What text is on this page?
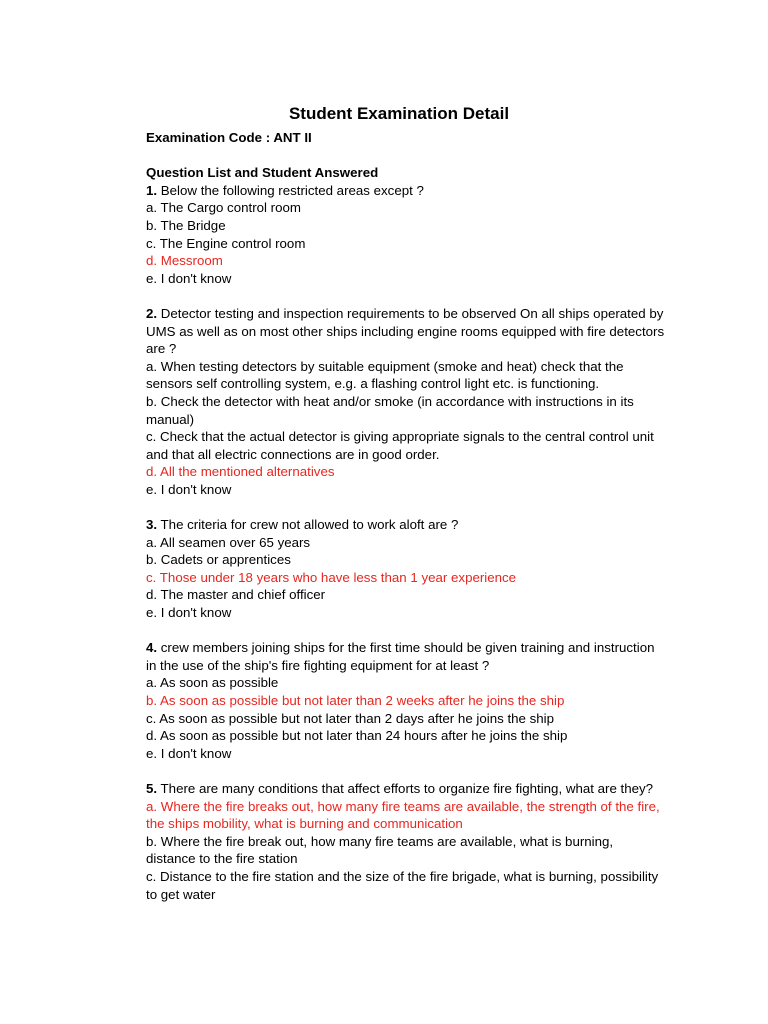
Student Examination Detail
Examination Code : ANT II
Question List and Student Answered
1. Below the following restricted areas except ?
a. The Cargo control room
b. The Bridge
c. The Engine control room
d. Messroom
e. I don't know
2. Detector testing and inspection requirements to be observed On all ships operated by UMS as well as on most other ships including engine rooms equipped with fire detectors are ?
a. When testing detectors by suitable equipment (smoke and heat) check that the sensors self controlling system, e.g. a flashing control light etc. is functioning.
b. Check the detector with heat and/or smoke (in accordance with instructions in its manual)
c. Check that the actual detector is giving appropriate signals to the central control unit and that all electric connections are in good order.
d. All the mentioned alternatives
e. I don't know
3. The criteria for crew not allowed to work aloft are ?
a. All seamen over 65 years
b. Cadets or apprentices
c. Those under 18 years who have less than 1 year experience
d. The master and chief officer
e. I don't know
4. crew members joining ships for the first time should be given training and instruction in the use of the ship's fire fighting equipment for at least ?
a. As soon as possible
b. As soon as possible but not later than 2 weeks after he joins the ship
c. As soon as possible but not later than 2 days after he joins the ship
d. As soon as possible but not later than 24 hours after he joins the ship
e. I don't know
5. There are many conditions that affect efforts to organize fire fighting, what are they?
a. Where the fire breaks out, how many fire teams are available, the strength of the fire, the ships mobility, what is burning and communication
b. Where the fire break out, how many fire teams are available, what is burning, distance to the fire station
c. Distance to the fire station and the size of the fire brigade, what is burning, possibility to get water
